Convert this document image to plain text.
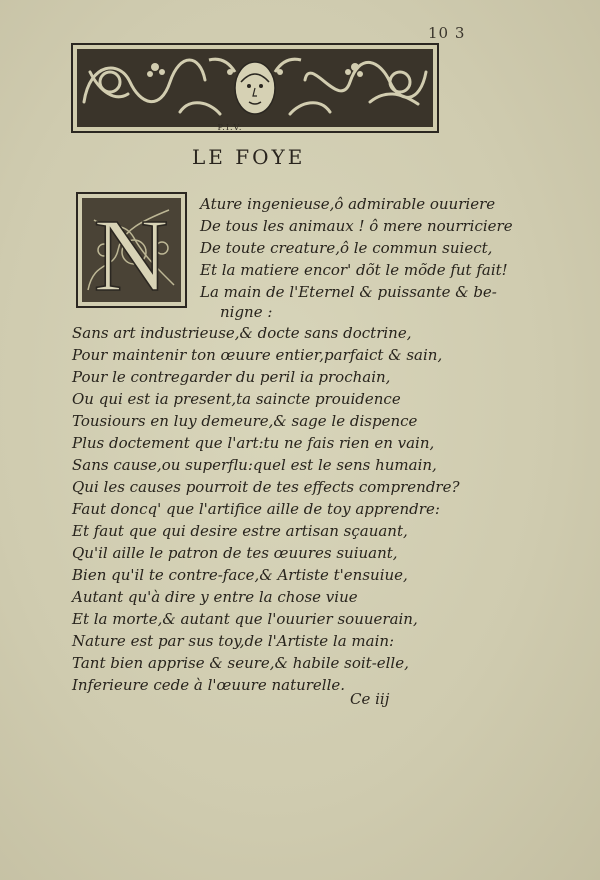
10 3
P.I.V.
LE FOYE
N Ature ingenieuse,ô admirable ouuriere
De tous les animaux ! ô mere nourriciere
De toute creature,ô le commun suiect,
Et la matiere encor' dõt le mõde fut fait!
La main de l'Eternel & puissante & be-
nigne :
Sans art industrieuse,& docte sans doctrine,
Pour maintenir ton œuure entier,parfaict & sain,
Pour le contregarder du peril ia prochain,
Ou qui est ia present,ta saincte prouidence
Tousiours en luy demeure,& sage le dispence
Plus doctement que l'art:tu ne fais rien en vain,
Sans cause,ou superflu:quel est le sens humain,
Qui les causes pourroit de tes effects comprendre?
Faut doncq' que l'artifice aille de toy apprendre:
Et faut que qui desire estre artisan sçauant,
Qu'il aille le patron de tes œuures suiuant,
Bien qu'il te contre-face,& Artiste t'ensuiue,
Autant qu'à dire y entre la chose viue
Et la morte,& autant que l'ouurier souuerain,
Nature est par sus toy,de l'Artiste la main:
Tant bien apprise & seure,& habile soit-elle,
Inferieure cede à l'œuure naturelle.
Ce iij
